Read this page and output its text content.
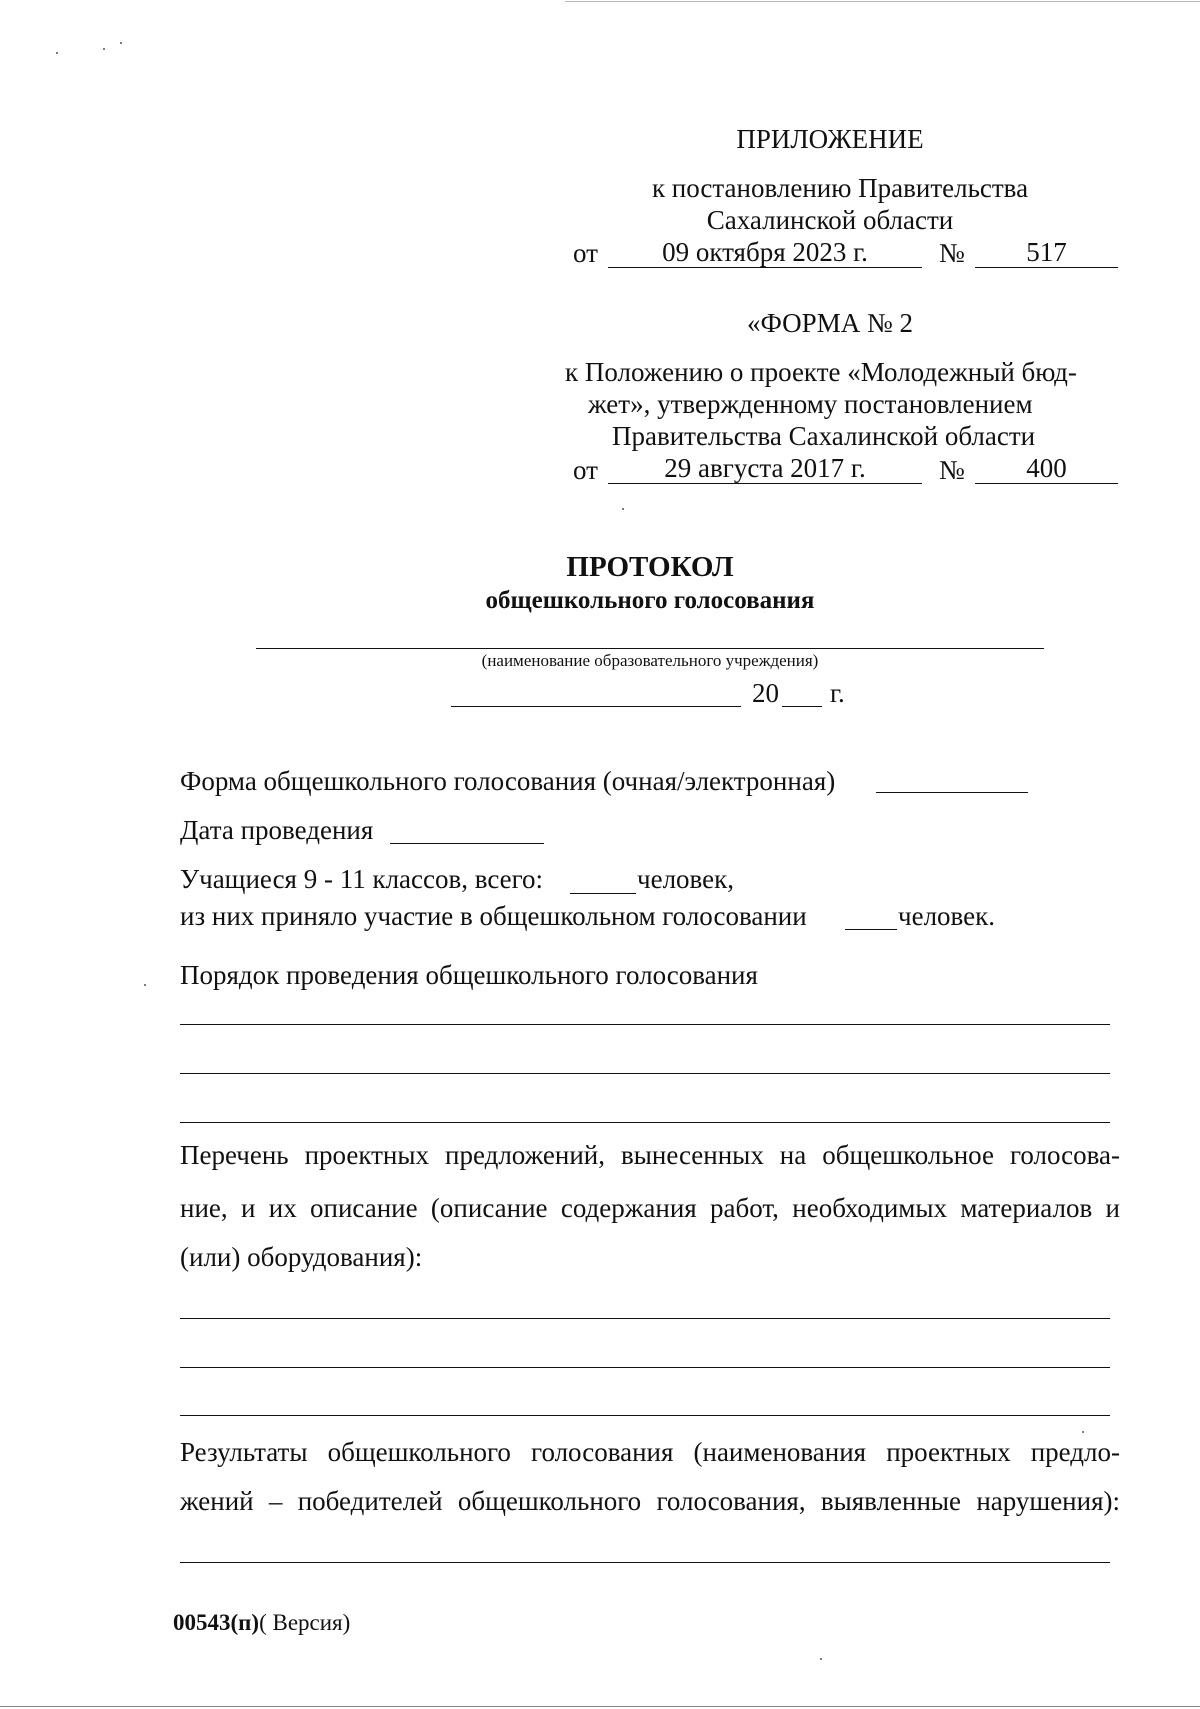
ПРИЛОЖЕНИЕ
к постановлению Правительства
Сахалинской области
от	09 октября 2023 г.	№	517
«ФОРМА № 2
к Положению о проекте «Молодежный бюд-
жет», утвержденному постановлением
Правительства Сахалинской области
от	29 августа 2017 г.	№	400
ПРОТОКОЛ
общешкольного голосования
(наименование образовательного учреждения)
20 г.
Форма общешкольного голосования (очная/электронная)
Дата проведения
Учащиеся 9 - 11 классов, всего:	человек,
из них приняло участие в общешкольном голосовании	человек.
Порядок проведения общешкольного голосования
Перечень проектных предложений, вынесенных на общешкольное голосова-
ние, и их описание (описание содержания работ, необходимых материалов и
(или) оборудования):
Результаты общешкольного голосования (наименования проектных предло-
жений – победителей общешкольного голосования, выявленные нарушения):
00543(п)( Версия)
